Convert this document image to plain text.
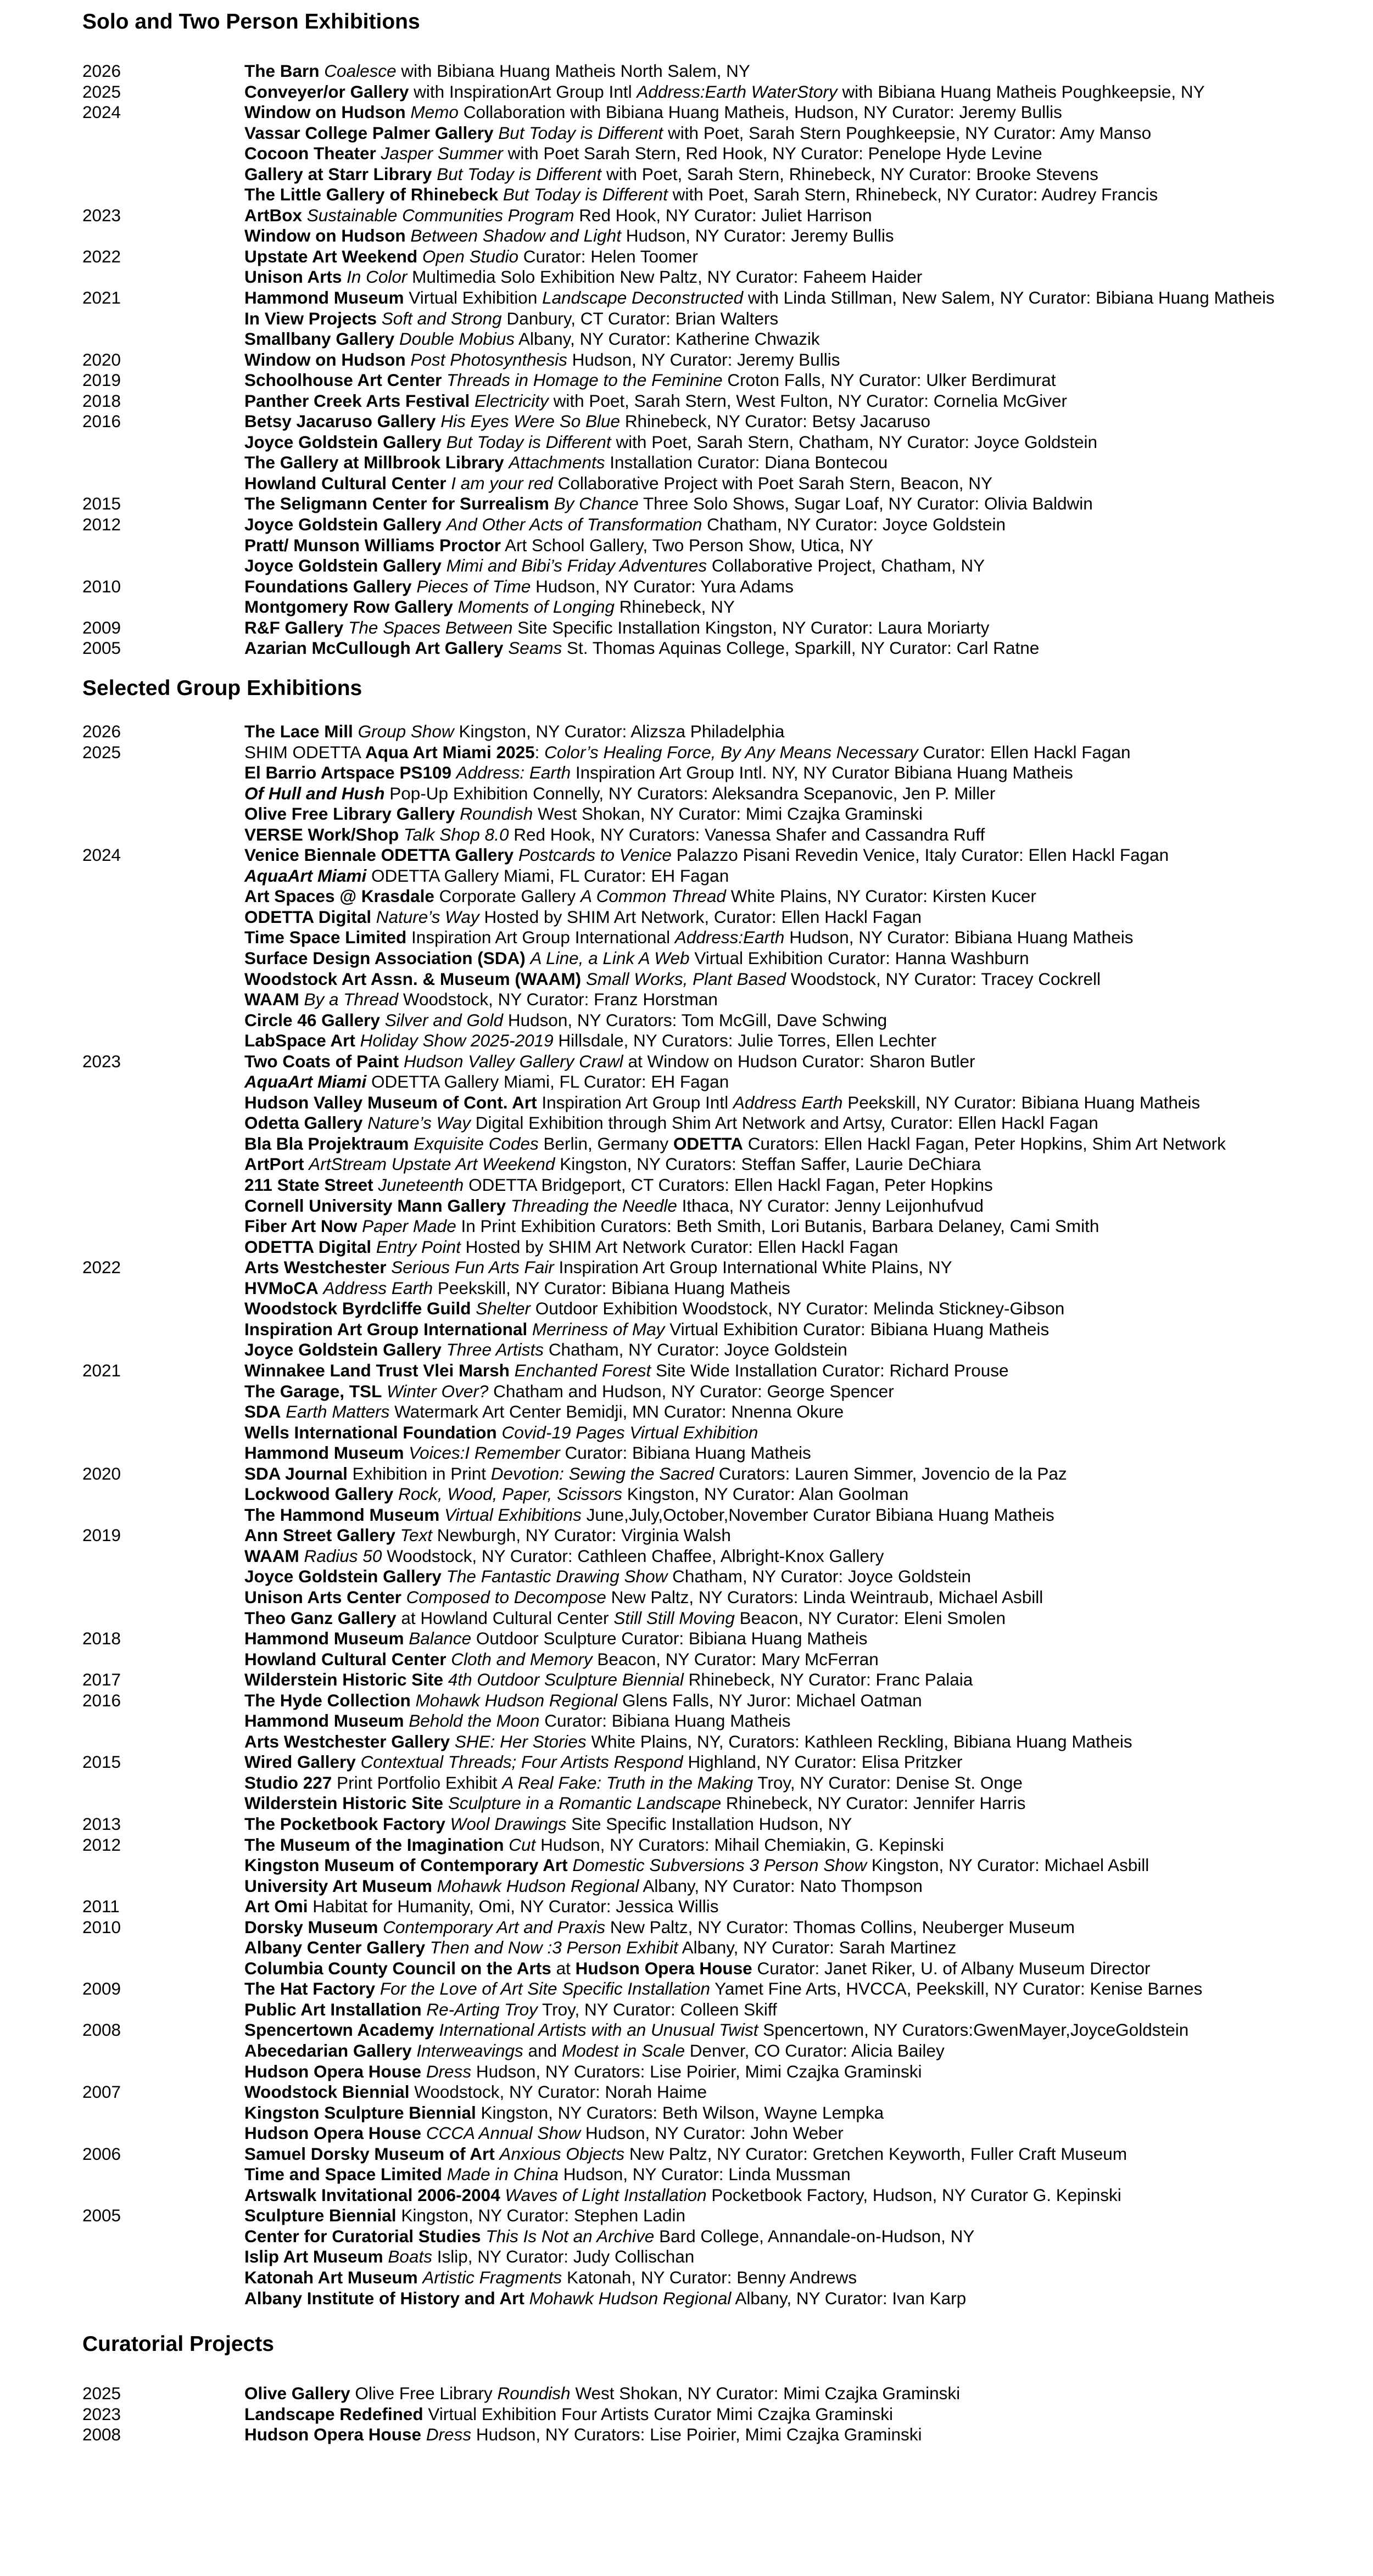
Solo and Two Person Exhibitions
2026	The Barn Coalesce with Bibiana Huang Matheis North Salem, NY
2025	Conveyer/or Gallery with InspirationArt Group Intl Address:Earth WaterStory with Bibiana Huang Matheis Poughkeepsie, NY
2024	Window on Hudson Memo Collaboration with Bibiana Huang Matheis, Hudson, NY Curator: Jeremy Bullis
Vassar College Palmer Gallery But Today is Different with Poet, Sarah Stern Poughkeepsie, NY Curator: Amy Manso
Cocoon Theater Jasper Summer with Poet Sarah Stern, Red Hook, NY Curator: Penelope Hyde Levine
Gallery at Starr Library But Today is Different with Poet, Sarah Stern, Rhinebeck, NY Curator: Brooke Stevens
The Little Gallery of Rhinebeck But Today is Different with Poet, Sarah Stern, Rhinebeck, NY Curator: Audrey Francis
2023	ArtBox Sustainable Communities Program Red Hook, NY Curator: Juliet Harrison
Window on Hudson Between Shadow and Light Hudson, NY Curator: Jeremy Bullis
2022	Upstate Art Weekend Open Studio Curator: Helen Toomer
Unison Arts In Color Multimedia Solo Exhibition New Paltz, NY Curator: Faheem Haider
2021	Hammond Museum Virtual Exhibition Landscape Deconstructed with Linda Stillman, New Salem, NY Curator: Bibiana Huang Matheis
In View Projects Soft and Strong Danbury, CT Curator: Brian Walters
Smallbany Gallery Double Mobius Albany, NY Curator: Katherine Chwazik
2020	Window on Hudson Post Photosynthesis Hudson, NY Curator: Jeremy Bullis
2019	Schoolhouse Art Center Threads in Homage to the Feminine Croton Falls, NY Curator: Ulker Berdimurat
2018	Panther Creek Arts Festival Electricity with Poet, Sarah Stern, West Fulton, NY Curator: Cornelia McGiver
2016	Betsy Jacaruso Gallery His Eyes Were So Blue Rhinebeck, NY Curator: Betsy Jacaruso
Joyce Goldstein Gallery But Today is Different with Poet, Sarah Stern, Chatham, NY Curator: Joyce Goldstein
The Gallery at Millbrook Library Attachments Installation Curator: Diana Bontecou
Howland Cultural Center I am your red Collaborative Project with Poet Sarah Stern, Beacon, NY
2015	The Seligmann Center for Surrealism By Chance Three Solo Shows, Sugar Loaf, NY Curator: Olivia Baldwin
2012	Joyce Goldstein Gallery And Other Acts of Transformation Chatham, NY Curator: Joyce Goldstein
Pratt/ Munson Williams Proctor Art School Gallery, Two Person Show, Utica, NY
Joyce Goldstein Gallery Mimi and Bibi’s Friday Adventures Collaborative Project, Chatham, NY
2010	Foundations Gallery Pieces of Time Hudson, NY Curator: Yura Adams
Montgomery Row Gallery Moments of Longing Rhinebeck, NY
2009	R&F Gallery The Spaces Between Site Specific Installation Kingston, NY Curator: Laura Moriarty
2005	Azarian McCullough Art Gallery Seams St. Thomas Aquinas College, Sparkill, NY Curator: Carl Ratne
Selected Group Exhibitions
2026	The Lace Mill Group Show Kingston, NY Curator: Alizsza Philadelphia
2025	SHIM ODETTA Aqua Art Miami 2025: Color’s Healing Force, By Any Means Necessary Curator: Ellen Hackl Fagan
El Barrio Artspace PS109 Address: Earth Inspiration Art Group Intl. NY, NY Curator Bibiana Huang Matheis
Of Hull and Hush Pop-Up Exhibition Connelly, NY Curators: Aleksandra Scepanovic, Jen P. Miller
Olive Free Library Gallery Roundish West Shokan, NY Curator: Mimi Czajka Graminski
VERSE Work/Shop Talk Shop 8.0 Red Hook, NY Curators: Vanessa Shafer and Cassandra Ruff
2024	Venice Biennale ODETTA Gallery Postcards to Venice Palazzo Pisani Revedin Venice, Italy Curator: Ellen Hackl Fagan
AquaArt Miami ODETTA Gallery Miami, FL Curator: EH Fagan
Art Spaces @ Krasdale Corporate Gallery A Common Thread White Plains, NY Curator: Kirsten Kucer
ODETTA Digital Nature’s Way Hosted by SHIM Art Network, Curator: Ellen Hackl Fagan
Time Space Limited Inspiration Art Group International Address:Earth Hudson, NY Curator: Bibiana Huang Matheis
Surface Design Association (SDA) A Line, a Link A Web Virtual Exhibition Curator: Hanna Washburn
Woodstock Art Assn. & Museum (WAAM) Small Works, Plant Based Woodstock, NY Curator: Tracey Cockrell
WAAM By a Thread Woodstock, NY Curator: Franz Horstman
Circle 46 Gallery Silver and Gold Hudson, NY Curators: Tom McGill, Dave Schwing
LabSpace Art Holiday Show 2025-2019 Hillsdale, NY Curators: Julie Torres, Ellen Lechter
2023	Two Coats of Paint Hudson Valley Gallery Crawl at Window on Hudson Curator: Sharon Butler
AquaArt Miami ODETTA Gallery Miami, FL Curator: EH Fagan
Hudson Valley Museum of Cont. Art Inspiration Art Group Intl Address Earth Peekskill, NY Curator: Bibiana Huang Matheis
Odetta Gallery Nature’s Way Digital Exhibition through Shim Art Network and Artsy, Curator: Ellen Hackl Fagan
Bla Bla Projektraum Exquisite Codes Berlin, Germany ODETTA Curators: Ellen Hackl Fagan, Peter Hopkins, Shim Art Network
ArtPort ArtStream Upstate Art Weekend Kingston, NY Curators: Steffan Saffer, Laurie DeChiara
211 State Street Juneteenth ODETTA Bridgeport, CT Curators: Ellen Hackl Fagan, Peter Hopkins
Cornell University Mann Gallery Threading the Needle Ithaca, NY Curator: Jenny Leijonhufvud
Fiber Art Now Paper Made In Print Exhibition Curators: Beth Smith, Lori Butanis, Barbara Delaney, Cami Smith
ODETTA Digital Entry Point Hosted by SHIM Art Network Curator: Ellen Hackl Fagan
2022	Arts Westchester Serious Fun Arts Fair Inspiration Art Group International White Plains, NY
HVMoCA Address Earth Peekskill, NY Curator: Bibiana Huang Matheis
Woodstock Byrdcliffe Guild Shelter Outdoor Exhibition Woodstock, NY Curator: Melinda Stickney-Gibson
Inspiration Art Group International Merriness of May Virtual Exhibition Curator: Bibiana Huang Matheis
Joyce Goldstein Gallery Three Artists Chatham, NY Curator: Joyce Goldstein
2021	Winnakee Land Trust Vlei Marsh Enchanted Forest Site Wide Installation Curator: Richard Prouse
The Garage, TSL Winter Over? Chatham and Hudson, NY Curator: George Spencer
SDA Earth Matters Watermark Art Center Bemidji, MN Curator: Nnenna Okure
Wells International Foundation Covid-19 Pages Virtual Exhibition
Hammond Museum Voices:I Remember Curator: Bibiana Huang Matheis
2020	SDA Journal Exhibition in Print Devotion: Sewing the Sacred Curators: Lauren Simmer, Jovencio de la Paz
Lockwood Gallery Rock, Wood, Paper, Scissors Kingston, NY Curator: Alan Goolman
The Hammond Museum Virtual Exhibitions June,July,October,November Curator Bibiana Huang Matheis
2019	Ann Street Gallery Text Newburgh, NY Curator: Virginia Walsh
WAAM Radius 50 Woodstock, NY Curator: Cathleen Chaffee, Albright-Knox Gallery
Joyce Goldstein Gallery The Fantastic Drawing Show Chatham, NY Curator: Joyce Goldstein
Unison Arts Center Composed to Decompose New Paltz, NY Curators: Linda Weintraub, Michael Asbill
Theo Ganz Gallery at Howland Cultural Center Still Still Moving Beacon, NY Curator: Eleni Smolen
2018	Hammond Museum Balance Outdoor Sculpture Curator: Bibiana Huang Matheis
Howland Cultural Center Cloth and Memory Beacon, NY Curator: Mary McFerran
2017	Wilderstein Historic Site 4th Outdoor Sculpture Biennial Rhinebeck, NY Curator: Franc Palaia
2016	The Hyde Collection Mohawk Hudson Regional Glens Falls, NY Juror: Michael Oatman
Hammond Museum Behold the Moon Curator: Bibiana Huang Matheis
Arts Westchester Gallery SHE: Her Stories White Plains, NY, Curators: Kathleen Reckling, Bibiana Huang Matheis
2015	Wired Gallery Contextual Threads; Four Artists Respond Highland, NY Curator: Elisa Pritzker
Studio 227 Print Portfolio Exhibit A Real Fake: Truth in the Making Troy, NY Curator: Denise St. Onge
Wilderstein Historic Site Sculpture in a Romantic Landscape Rhinebeck, NY Curator: Jennifer Harris
2013	The Pocketbook Factory Wool Drawings Site Specific Installation Hudson, NY
2012	The Museum of the Imagination Cut Hudson, NY Curators: Mihail Chemiakin, G. Kepinski
Kingston Museum of Contemporary Art Domestic Subversions 3 Person Show Kingston, NY Curator: Michael Asbill
University Art Museum Mohawk Hudson Regional Albany, NY Curator: Nato Thompson
2011	Art Omi Habitat for Humanity, Omi, NY Curator: Jessica Willis
2010	Dorsky Museum Contemporary Art and Praxis New Paltz, NY Curator: Thomas Collins, Neuberger Museum
Albany Center Gallery Then and Now :3 Person Exhibit Albany, NY Curator: Sarah Martinez
Columbia County Council on the Arts at Hudson Opera House Curator: Janet Riker, U. of Albany Museum Director
2009	The Hat Factory For the Love of Art Site Specific Installation Yamet Fine Arts, HVCCA, Peekskill, NY Curator: Kenise Barnes
Public Art Installation Re-Arting Troy Troy, NY Curator: Colleen Skiff
2008	Spencertown Academy International Artists with an Unusual Twist Spencertown, NY Curators:GwenMayer,JoyceGoldstein
Abecedarian Gallery Interweavings and Modest in Scale Denver, CO Curator: Alicia Bailey
Hudson Opera House Dress Hudson, NY Curators: Lise Poirier, Mimi Czajka Graminski
2007	Woodstock Biennial Woodstock, NY Curator: Norah Haime
Kingston Sculpture Biennial Kingston, NY Curators: Beth Wilson, Wayne Lempka
Hudson Opera House CCCA Annual Show Hudson, NY Curator: John Weber
2006	Samuel Dorsky Museum of Art Anxious Objects New Paltz, NY Curator: Gretchen Keyworth, Fuller Craft Museum
Time and Space Limited Made in China Hudson, NY Curator: Linda Mussman
Artswalk Invitational 2006-2004 Waves of Light Installation Pocketbook Factory, Hudson, NY Curator G. Kepinski
2005	Sculpture Biennial Kingston, NY Curator: Stephen Ladin
Center for Curatorial Studies This Is Not an Archive Bard College, Annandale-on-Hudson, NY
Islip Art Museum Boats Islip, NY Curator: Judy Collischan
Katonah Art Museum Artistic Fragments Katonah, NY Curator: Benny Andrews
Albany Institute of History and Art Mohawk Hudson Regional Albany, NY Curator: Ivan Karp
Curatorial Projects
2025	Olive Gallery Olive Free Library Roundish West Shokan, NY Curator: Mimi Czajka Graminski
2023	Landscape Redefined Virtual Exhibition Four Artists Curator Mimi Czajka Graminski
2008	Hudson Opera House Dress Hudson, NY Curators: Lise Poirier, Mimi Czajka Graminski
